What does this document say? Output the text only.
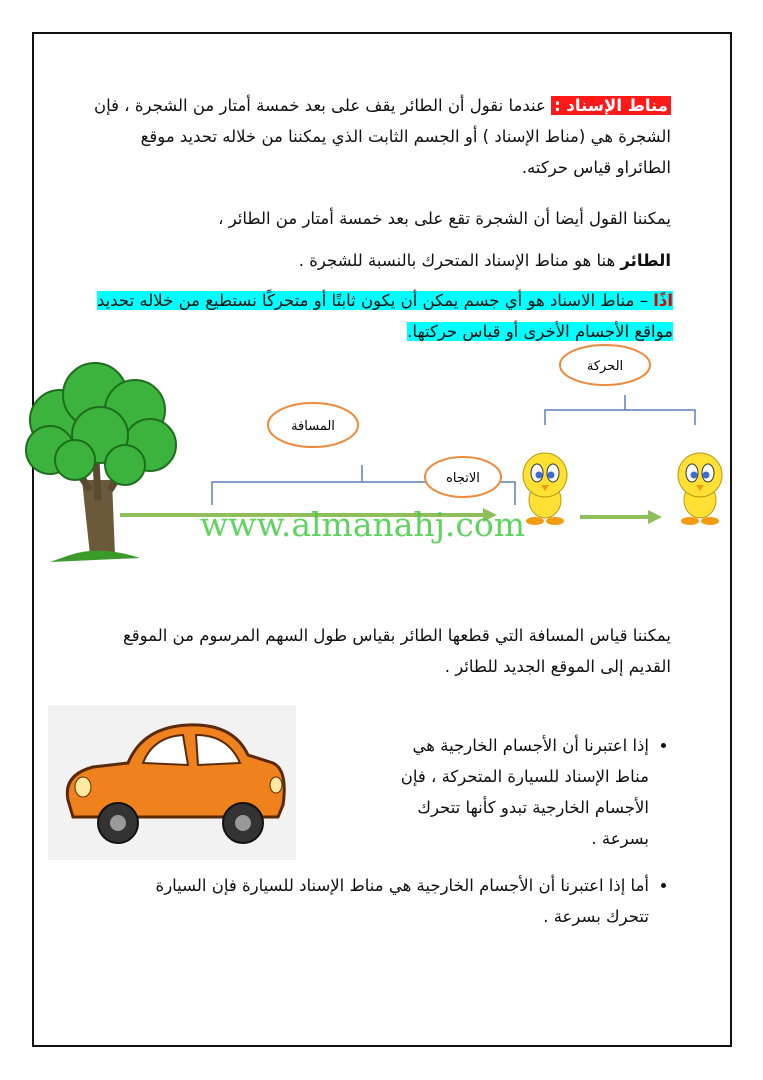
مناط الإسناد : عندما نقول أن الطائر يقف على بعد خمسة أمتار من الشجرة ، فإن الشجرة هي (مناط الإسناد ) أو الجسم الثابت الذي يمكننا من خلاله تحديد موقع الطائراو قياس حركته.
يمكننا القول أيضا أن الشجرة تقع على بعد خمسة أمتار من الطائر ،
الطائر هنا هو مناط الإسناد المتحرك بالنسبة للشجرة .
اذًا – مناط الاسناد هو أي جسم يمكن أن يكون ثابتًا أو متحركًا نستطيع من خلاله تحديد مواقع الأجسام الأخرى أو قياس حركتها.
الحركة
المسافة
الاتجاه
www.almanahj.com
يمكننا قياس المسافة التي قطعها الطائر بقياس طول السهم المرسوم من الموقع القديم إلى الموقع الجديد للطائر .
• إذا اعتبرنا أن الأجسام الخارجية هي مناط الإسناد للسيارة المتحركة ، فإن الأجسام الخارجية تبدو كأنها تتحرك بسرعة .
• أما إذا اعتبرنا أن الأجسام الخارجية هي مناط الإسناد للسيارة فإن السيارة تتحرك بسرعة .
